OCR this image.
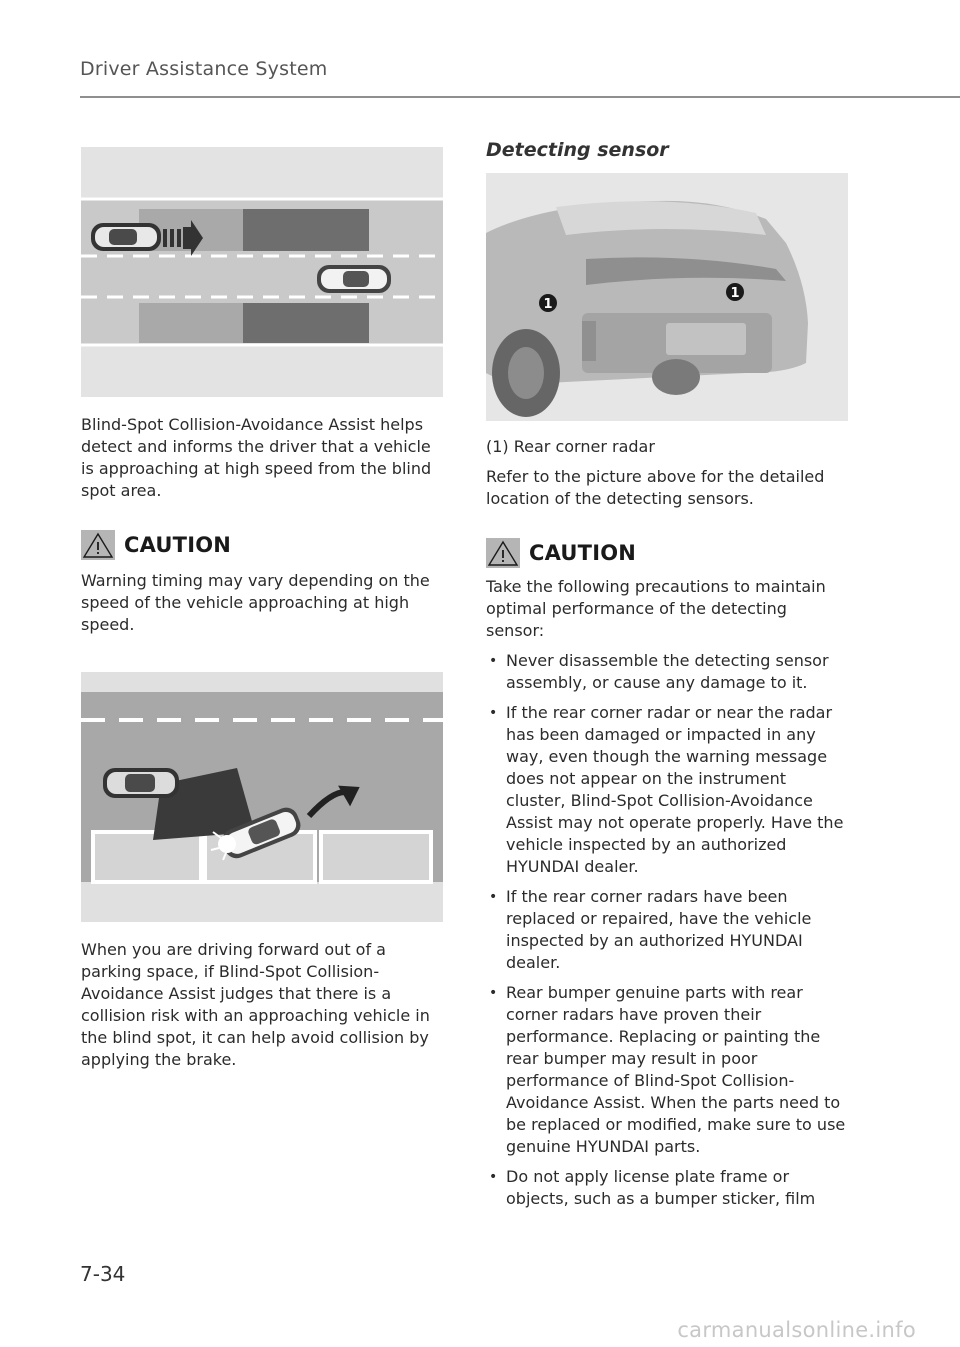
Driver Assistance System

Blind-Spot Collision-Avoidance Assist helps detect and informs the driver that a vehicle is approaching at high speed from the blind spot area.

CAUTION

Warning timing may vary depending on the speed of the vehicle approaching at high speed.

When you are driving forward out of a parking space, if Blind-Spot Collision-Avoidance Assist judges that there is a collision risk with an approaching vehicle in the blind spot, it can help avoid collision by applying the brake.

Detecting sensor
1
1

(1) Rear corner radar

Refer to the picture above for the detailed location of the detecting sensors.

CAUTION

Take the following precautions to maintain optimal performance of the detecting sensor:

• Never disassemble the detecting sensor assembly, or cause any damage to it.
• If the rear corner radar or near the radar has been damaged or impacted in any way, even though the warning message does not appear on the instrument cluster, Blind-Spot Collision-Avoidance Assist may not operate properly. Have the vehicle inspected by an authorized HYUNDAI dealer.
• If the rear corner radars have been replaced or repaired, have the vehicle inspected by an authorized HYUNDAI dealer.
• Rear bumper genuine parts with rear corner radars have proven their performance. Replacing or painting the rear bumper may result in poor performance of Blind-Spot Collision-Avoidance Assist. When the parts need to be replaced or modified, make sure to use genuine HYUNDAI parts.
• Do not apply license plate frame or objects, such as a bumper sticker, film
7-34
carmanualsonline.info
